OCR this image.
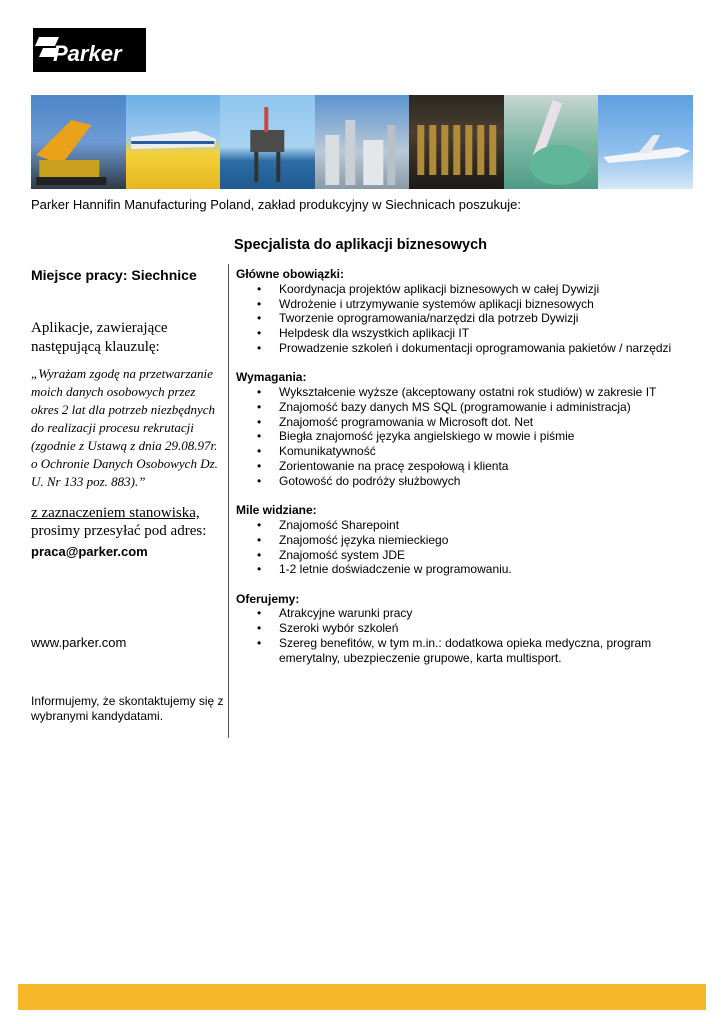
Parker
Parker Hannifin Manufacturing Poland, zakład produkcyjny w Siechnicach poszukuje:
Specjalista do aplikacji biznesowych
Miejsce pracy: Siechnice
Aplikacje, zawierające następującą klauzulę:
„Wyrażam zgodę na przetwarzanie moich danych osobowych przez okres 2 lat dla potrzeb niezbędnych do realizacji procesu rekrutacji (zgodnie z Ustawą z dnia 29.08.97r. o Ochronie Danych Osobowych Dz. U. Nr 133 poz. 883).”
z zaznaczeniem stanowiska,
prosimy przesyłać pod adres:
praca@parker.com
www.parker.com
Informujemy, że skontaktujemy się z wybranymi kandydatami.
Główne obowiązki:
• Koordynacja projektów aplikacji biznesowych w całej Dywizji
• Wdrożenie i utrzymywanie systemów aplikacji biznesowych
• Tworzenie oprogramowania/narzędzi dla potrzeb Dywizji
• Helpdesk dla wszystkich aplikacji IT
• Prowadzenie szkoleń i dokumentacji oprogramowania pakietów / narzędzi
Wymagania:
• Wykształcenie wyższe (akceptowany ostatni rok studiów) w zakresie IT
• Znajomość bazy danych MS SQL (programowanie i administracja)
• Znajomość programowania w Microsoft dot. Net
• Biegła znajomość języka angielskiego w mowie i piśmie
• Komunikatywność
• Zorientowanie na pracę zespołową i klienta
• Gotowość do podróży służbowych
Mile widziane:
• Znajomość Sharepoint
• Znajomość języka niemieckiego
• Znajomość system JDE
• 1-2 letnie doświadczenie w programowaniu.
Oferujemy:
• Atrakcyjne warunki pracy
• Szeroki wybór szkoleń
• Szereg benefitów, w tym m.in.: dodatkowa opieka medyczna, program emerytalny, ubezpieczenie grupowe, karta multisport.
